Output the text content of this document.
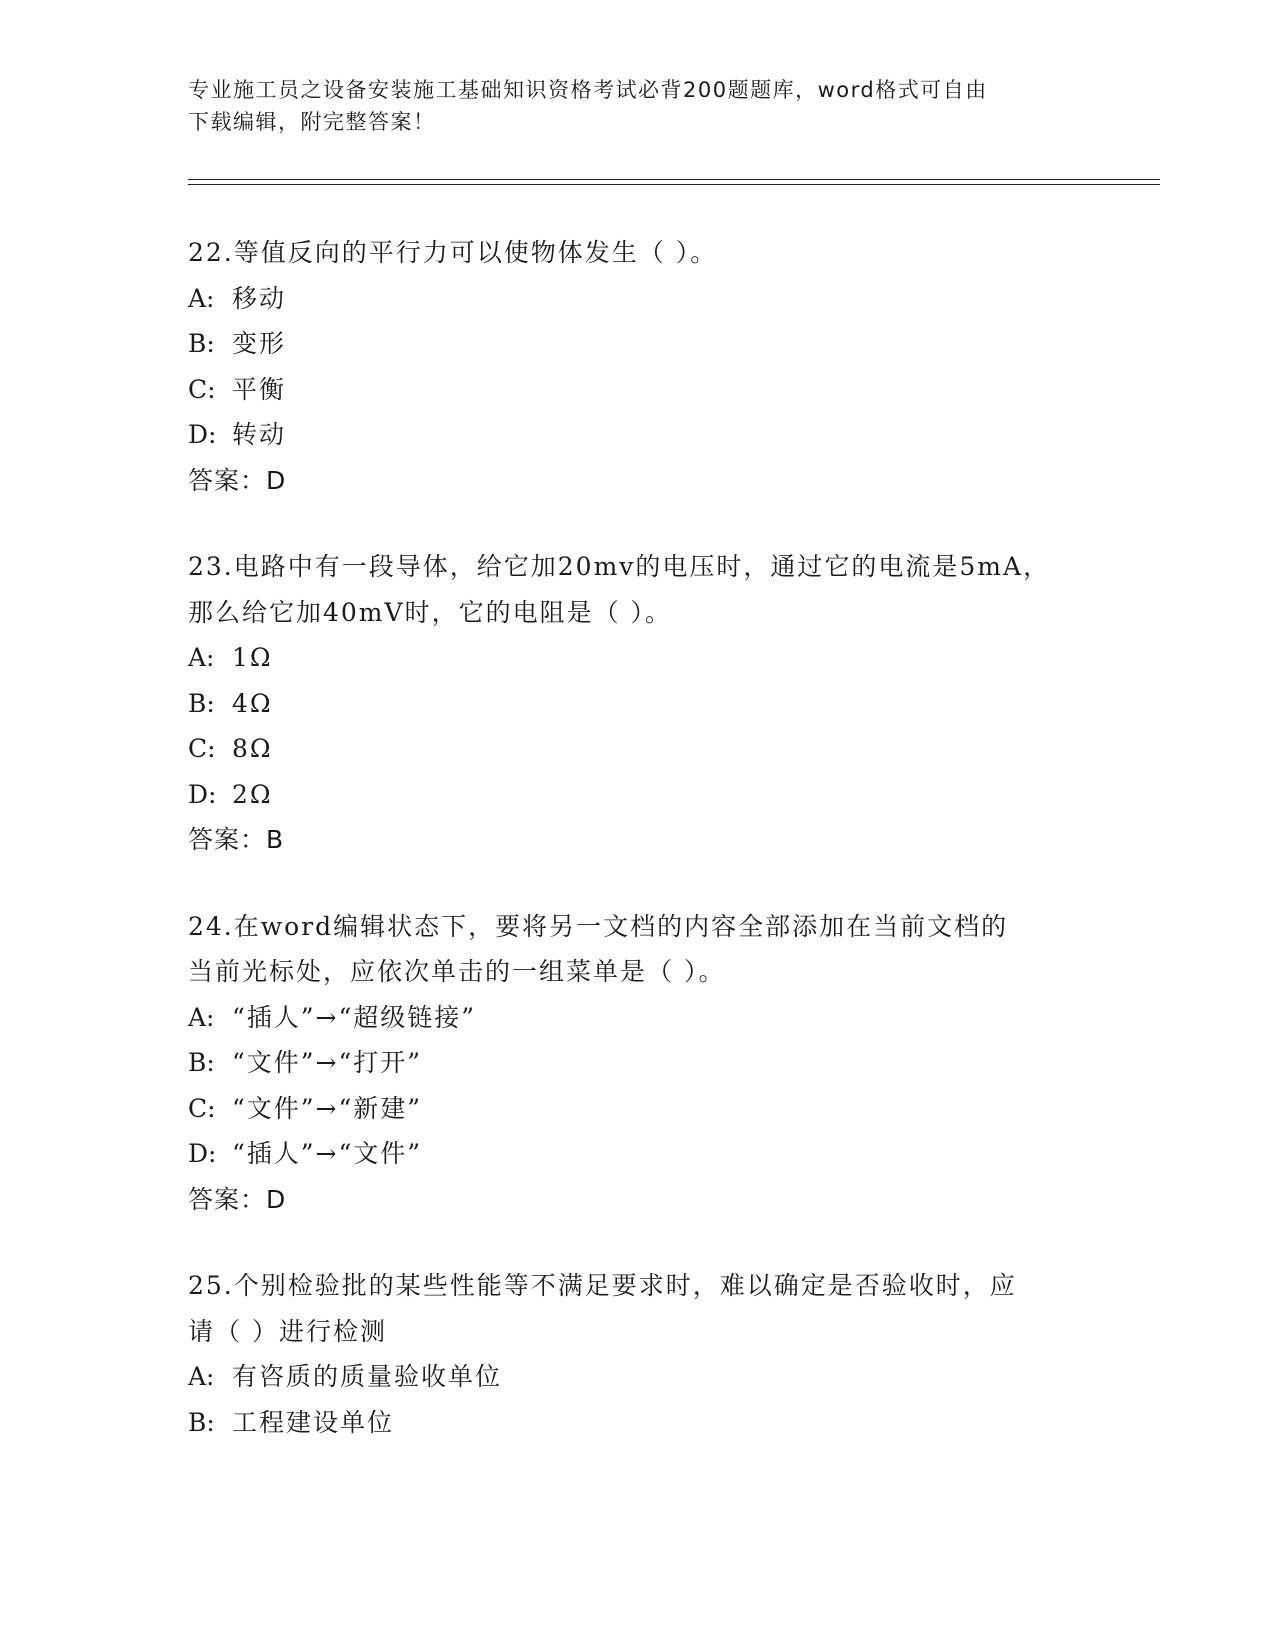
专业施工员之设备安装施工基础知识资格考试必背200题题库，word格式可自由
下载编辑，附完整答案！
22.等值反向的平行力可以使物体发生（ ）。
A: 移动
B: 变形
C: 平衡
D: 转动
答案：D
23.电路中有一段导体，给它加20mv的电压时，通过它的电流是5mA，
那么给它加40mV时，它的电阻是（ ）。
A: 1Ω
B: 4Ω
C: 8Ω
D: 2Ω
答案：B
24.在word编辑状态下，要将另一文档的内容全部添加在当前文档的
当前光标处，应依次单击的一组菜单是（ ）。
A: “插人”→“超级链接”
B: “文件”→“打开”
C: “文件”→“新建”
D: “插人”→“文件”
答案：D
25.个别检验批的某些性能等不满足要求时，难以确定是否验收时，应
请（ ）进行检测
A: 有咨质的质量验收单位
B: 工程建设单位
